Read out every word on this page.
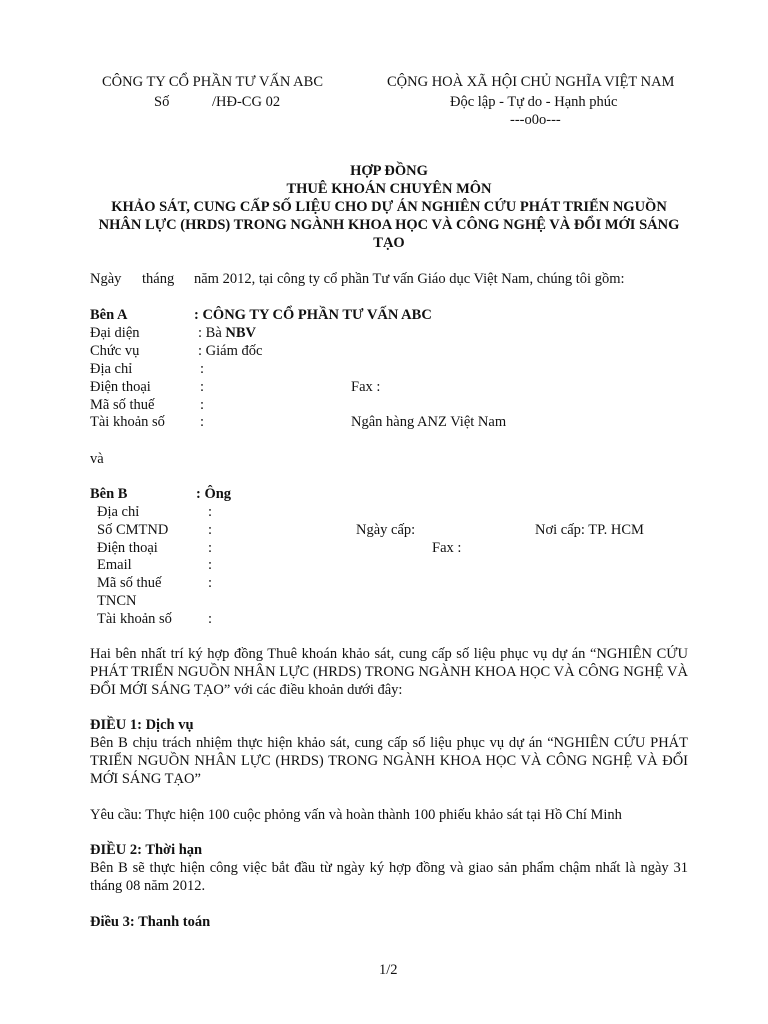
CÔNG TY CỔ PHẦN TƯ VẤN ABC
Số	/HĐ-CG 02
CỘNG HOÀ XÃ HỘI CHỦ NGHĨA VIỆT NAM
Độc lập - Tự do - Hạnh phúc
---o0o---
HỢP ĐỒNG
THUÊ KHOÁN CHUYÊN MÔN
KHẢO SÁT, CUNG CẤP SỐ LIỆU CHO DỰ ÁN NGHIÊN CỨU PHÁT TRIỂN NGUỒN NHÂN LỰC (HRDS) TRONG NGÀNH KHOA HỌC VÀ CÔNG NGHỆ VÀ ĐỔI MỚI SÁNG TẠO
Ngày tháng năm 2012, tại công ty cổ phần Tư vấn Giáo dục Việt Nam, chúng tôi gồm:
Bên A	: CÔNG TY CỔ PHẦN TƯ VẤN ABC
Đại diện	: Bà NBV
Chức vụ	: Giám đốc
Địa chỉ	:
Điện thoại	:	Fax :
Mã số thuế	:
Tài khoản số :	Ngân hàng ANZ Việt Nam
và
Bên B	: Ông
Địa chỉ	:
Số CMTND	:	Ngày cấp:	Nơi cấp: TP. HCM
Điện thoại	:	Fax :
Email	:
Mã số thuế	:
TNCN
Tài khoản số :
Hai bên nhất trí ký hợp đồng Thuê khoán khảo sát, cung cấp số liệu phục vụ dự án “NGHIÊN CỨU PHÁT TRIỂN NGUỒN NHÂN LỰC (HRDS) TRONG NGÀNH KHOA HỌC VÀ CÔNG NGHỆ VÀ ĐỔI MỚI SÁNG TẠO” với các điều khoản dưới đây:
ĐIỀU 1: Dịch vụ
Bên B chịu trách nhiệm thực hiện khảo sát, cung cấp số liệu phục vụ dự án “NGHIÊN CỨU PHÁT TRIỂN NGUỒN NHÂN LỰC (HRDS) TRONG NGÀNH KHOA HỌC VÀ CÔNG NGHỆ VÀ ĐỔI MỚI SÁNG TẠO”
Yêu cầu: Thực hiện 100 cuộc phỏng vấn và hoàn thành 100 phiếu khảo sát tại Hồ Chí Minh
ĐIỀU 2: Thời hạn
Bên B sẽ thực hiện công việc bắt đầu từ ngày ký hợp đồng và giao sản phẩm chậm nhất là ngày 31 tháng 08 năm 2012.
Điều 3: Thanh toán
1/2
